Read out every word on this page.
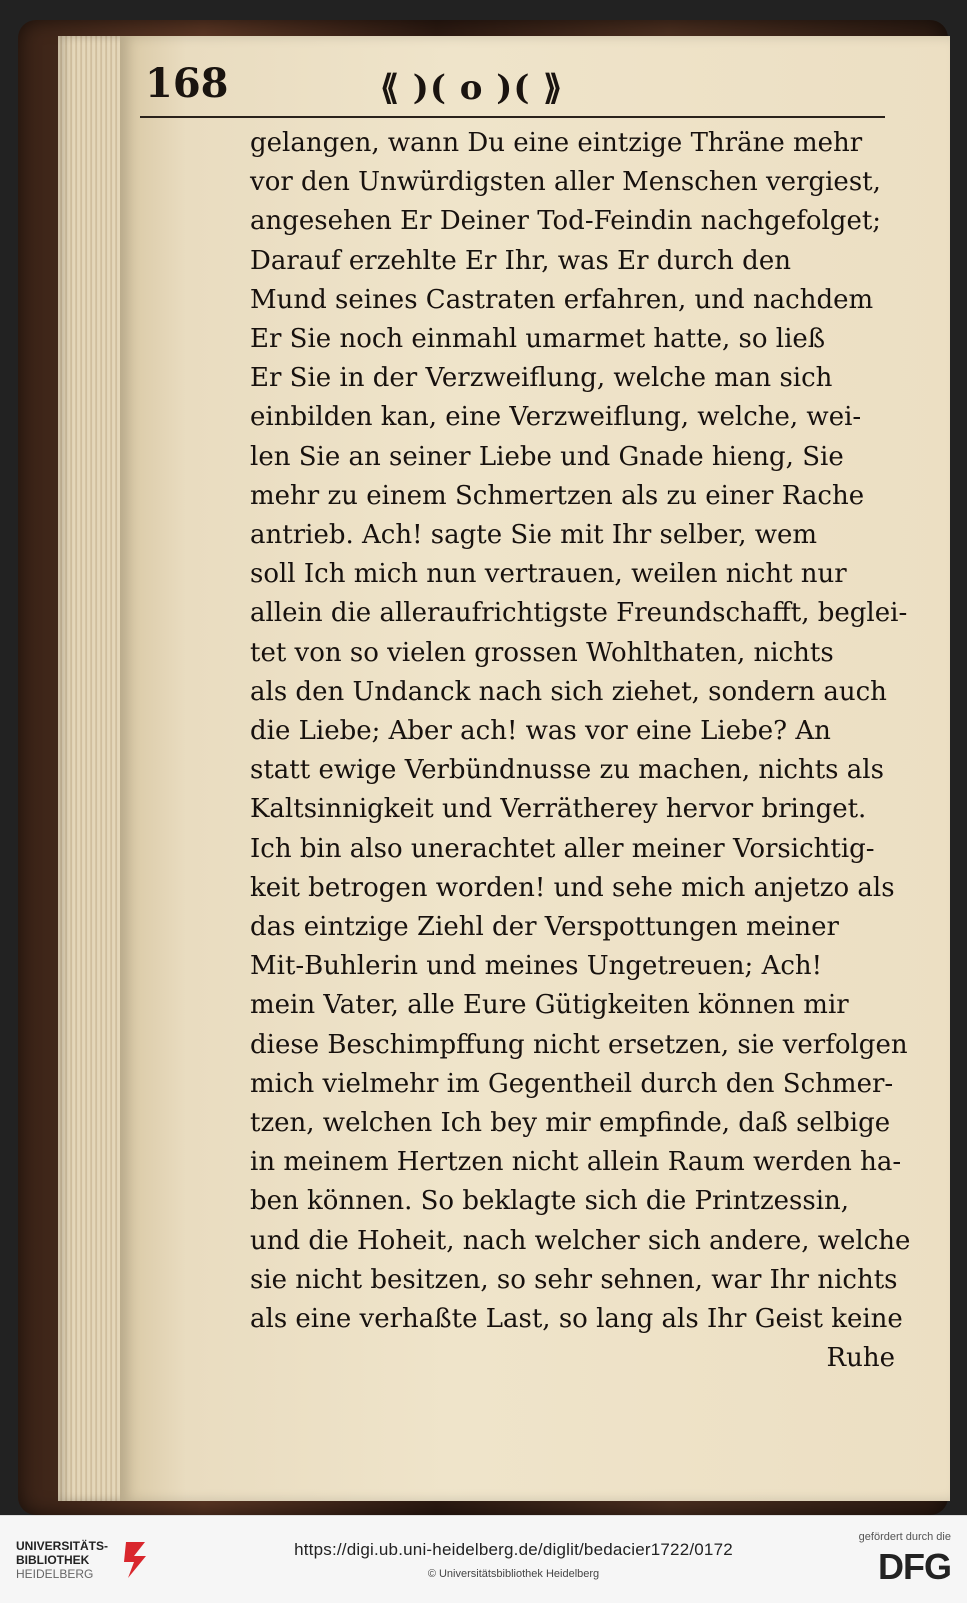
168	⟪ )( o )( ⟫
gelangen, wann Du eine eintzige Thräne mehr
vor den Unwürdigsten aller Menschen vergiest,
angesehen Er Deiner Tod-Feindin nachgefolget;
Darauf erzehlte Er Ihr, was Er durch den
Mund seines Castraten erfahren, und nachdem
Er Sie noch einmahl umarmet hatte, so ließ
Er Sie in der Verzweiflung, welche man sich
einbilden kan, eine Verzweiflung, welche, wei-
len Sie an seiner Liebe und Gnade hieng, Sie
mehr zu einem Schmertzen als zu einer Rache
antrieb. Ach! sagte Sie mit Ihr selber, wem
soll Ich mich nun vertrauen, weilen nicht nur
allein die alleraufrichtigste Freundschafft, beglei-
tet von so vielen grossen Wohlthaten, nichts
als den Undanck nach sich ziehet, sondern auch
die Liebe; Aber ach! was vor eine Liebe? An
statt ewige Verbündnusse zu machen, nichts als
Kaltsinnigkeit und Verrätherey hervor bringet.
Ich bin also unerachtet aller meiner Vorsichtig-
keit betrogen worden! und sehe mich anjetzo als
das eintzige Ziehl der Verspottungen meiner
Mit-Buhlerin und meines Ungetreuen; Ach!
mein Vater, alle Eure Gütigkeiten können mir
diese Beschimpffung nicht ersetzen, sie verfolgen
mich vielmehr im Gegentheil durch den Schmer-
tzen, welchen Ich bey mir empfinde, daß selbige
in meinem Hertzen nicht allein Raum werden ha-
ben können. So beklagte sich die Printzessin,
und die Hoheit, nach welcher sich andere, welche
sie nicht besitzen, so sehr sehnen, war Ihr nichts
als eine verhaßte Last, so lang als Ihr Geist keine
Ruhe
UNIVERSITÄTS-
BIBLIOTHEK
HEIDELBERG
https://digi.ub.uni-heidelberg.de/diglit/bedacier1722/0172
© Universitätsbibliothek Heidelberg
gefördert durch die
DFG
